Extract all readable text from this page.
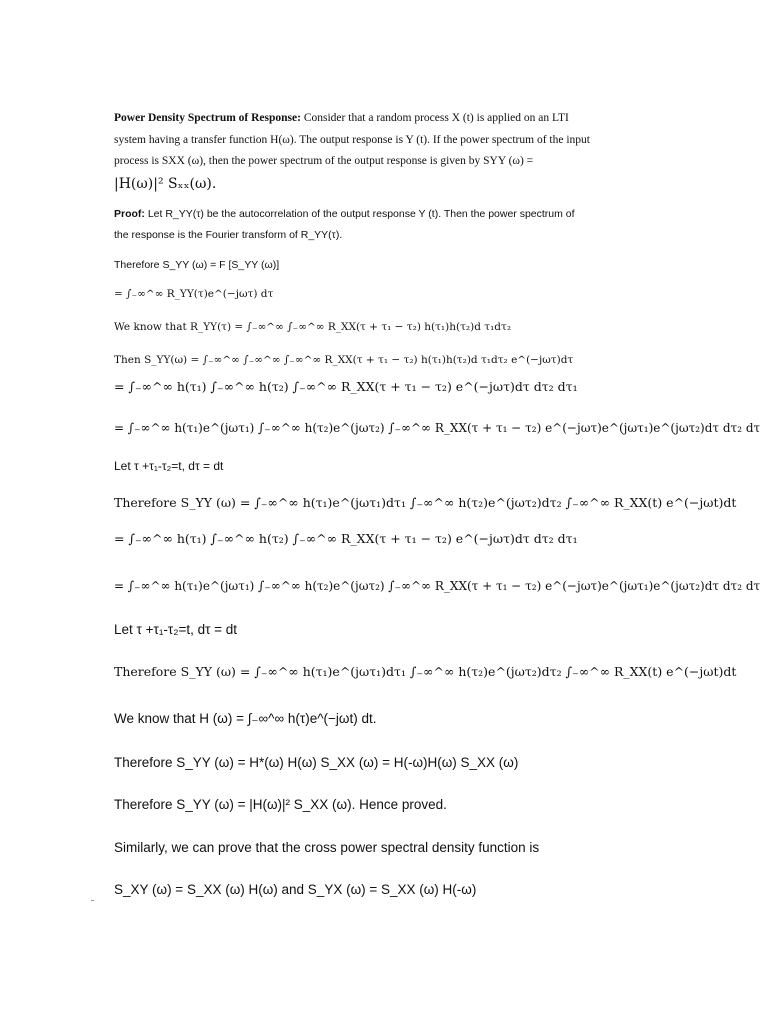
Power Density Spectrum of Response: Consider that a random process X (t) is applied on an LTI
system having a transfer function H(ω). The output response is Y (t). If the power spectrum of the input
process is SXX (ω), then the power spectrum of the output response is given by SYY (ω) =
|H(ω)|² Sₓₓ(ω).
Proof: Let R_YY(τ) be the autocorrelation of the output response Y (t). Then the power spectrum of
the response is the Fourier transform of R_YY(τ).
Therefore S_YY (ω) = F [S_YY (ω)]
= ∫₋∞^∞ R_YY(τ)e^(−jωτ) dτ
We know that R_YY(τ) = ∫₋∞^∞ ∫₋∞^∞ R_XX(τ + τ₁ − τ₂) h(τ₁)h(τ₂)d τ₁dτ₂
Then S_YY(ω) = ∫₋∞^∞ ∫₋∞^∞ ∫₋∞^∞ R_XX(τ + τ₁ − τ₂) h(τ₁)h(τ₂)d τ₁dτ₂ e^(−jωτ)dτ
= ∫₋∞^∞ h(τ₁) ∫₋∞^∞ h(τ₂) ∫₋∞^∞ R_XX(τ + τ₁ − τ₂) e^(−jωτ)dτ dτ₂ dτ₁
= ∫₋∞^∞ h(τ₁)e^(jωτ₁) ∫₋∞^∞ h(τ₂)e^(jωτ₂) ∫₋∞^∞ R_XX(τ + τ₁ − τ₂) e^(−jωτ)e^(jωτ₁)e^(jωτ₂)dτ dτ₂ dτ
Let τ +τ₁-τ₂=t, dτ = dt
Therefore S_YY (ω) = ∫₋∞^∞ h(τ₁)e^(jωτ₁)dτ₁ ∫₋∞^∞ h(τ₂)e^(jωτ₂)dτ₂ ∫₋∞^∞ R_XX(t) e^(−jωt)dt
= ∫₋∞^∞ h(τ₁) ∫₋∞^∞ h(τ₂) ∫₋∞^∞ R_XX(τ + τ₁ − τ₂) e^(−jωτ)dτ dτ₂ dτ₁
= ∫₋∞^∞ h(τ₁)e^(jωτ₁) ∫₋∞^∞ h(τ₂)e^(jωτ₂) ∫₋∞^∞ R_XX(τ + τ₁ − τ₂) e^(−jωτ)e^(jωτ₁)e^(jωτ₂)dτ dτ₂ dτ
Let τ +τ₁-τ₂=t, dτ = dt
Therefore S_YY (ω) = ∫₋∞^∞ h(τ₁)e^(jωτ₁)dτ₁ ∫₋∞^∞ h(τ₂)e^(jωτ₂)dτ₂ ∫₋∞^∞ R_XX(t) e^(−jωt)dt
We know that H (ω) = ∫₋∞^∞ h(τ)e^(−jωt) dt.
Therefore S_YY (ω) = H*(ω) H(ω) S_XX (ω) = H(-ω)H(ω) S_XX (ω)
Therefore S_YY (ω) = |H(ω)|² S_XX (ω). Hence proved.
Similarly, we can prove that the cross power spectral density function is
S_XY (ω) = S_XX (ω) H(ω) and S_YX (ω) = S_XX (ω) H(-ω)
